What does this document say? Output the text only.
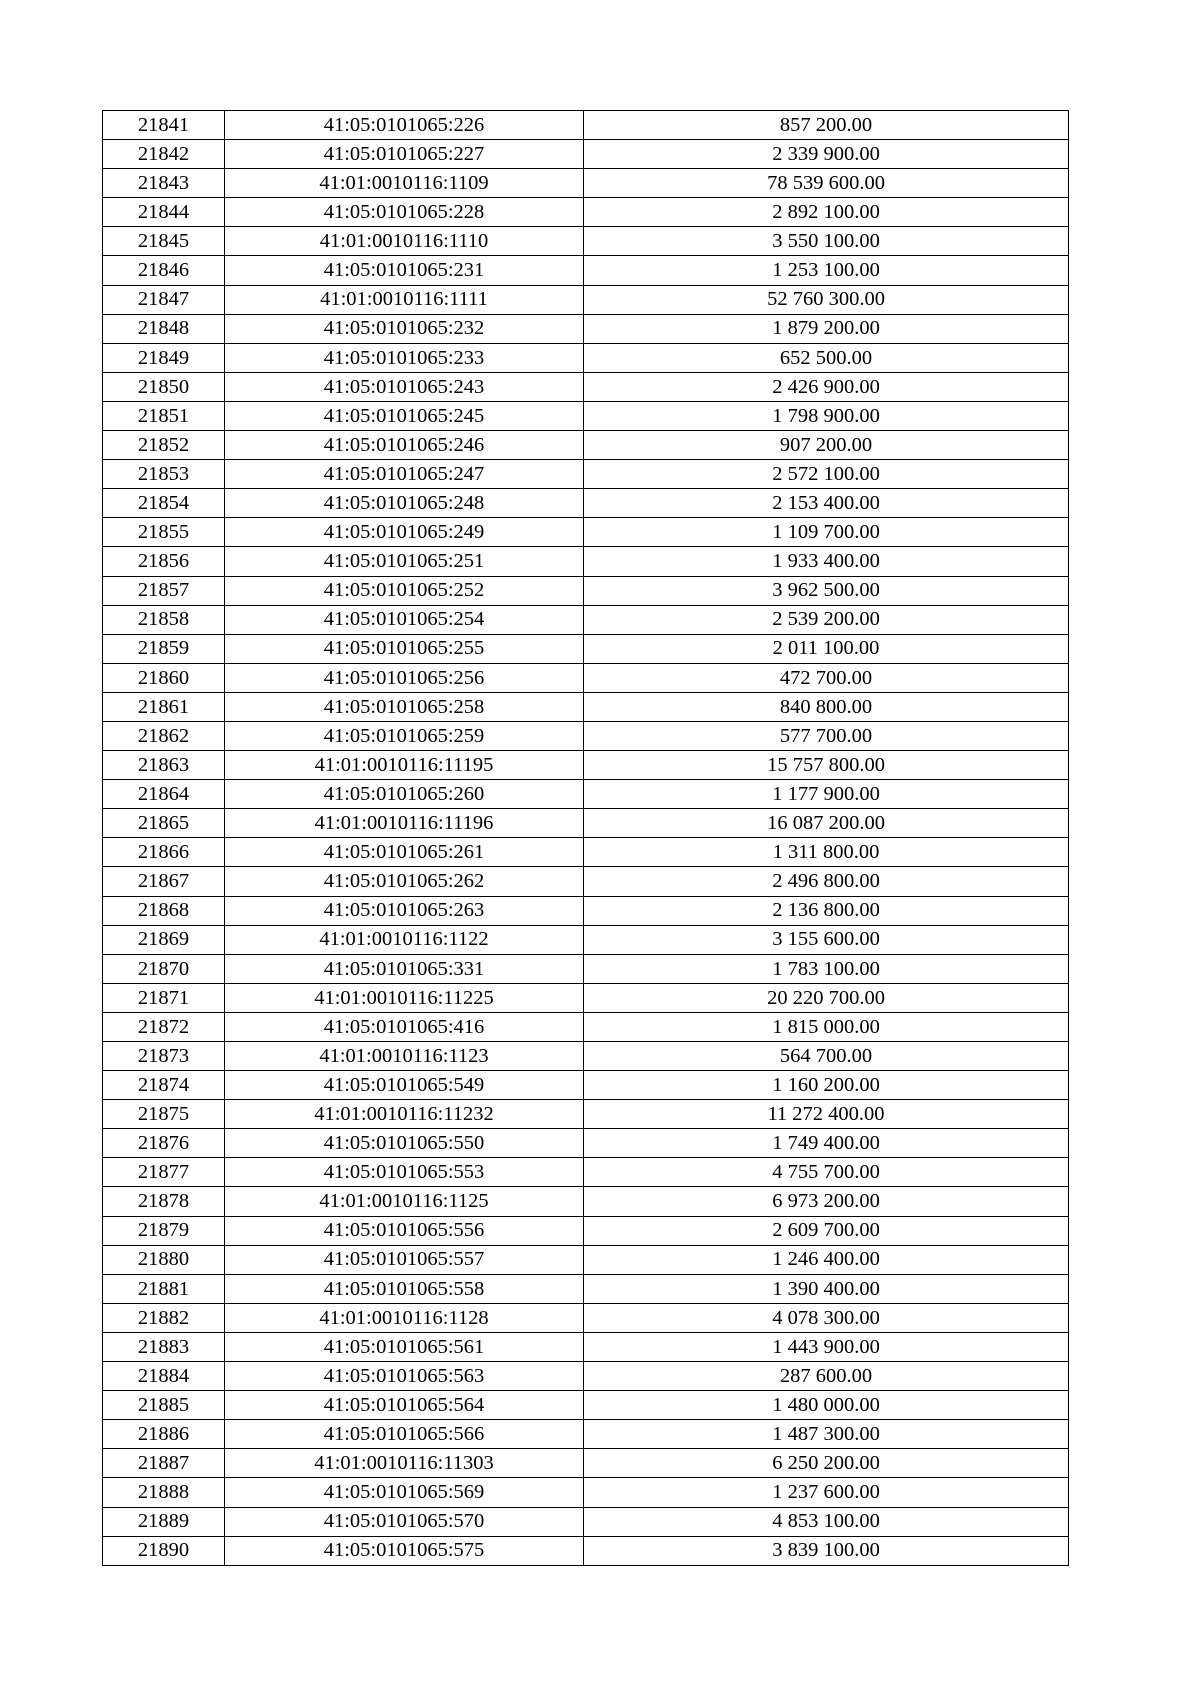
21841	41:05:0101065:226	857 200.00
21842	41:05:0101065:227	2 339 900.00
21843	41:01:0010116:1109	78 539 600.00
21844	41:05:0101065:228	2 892 100.00
21845	41:01:0010116:1110	3 550 100.00
21846	41:05:0101065:231	1 253 100.00
21847	41:01:0010116:1111	52 760 300.00
21848	41:05:0101065:232	1 879 200.00
21849	41:05:0101065:233	652 500.00
21850	41:05:0101065:243	2 426 900.00
21851	41:05:0101065:245	1 798 900.00
21852	41:05:0101065:246	907 200.00
21853	41:05:0101065:247	2 572 100.00
21854	41:05:0101065:248	2 153 400.00
21855	41:05:0101065:249	1 109 700.00
21856	41:05:0101065:251	1 933 400.00
21857	41:05:0101065:252	3 962 500.00
21858	41:05:0101065:254	2 539 200.00
21859	41:05:0101065:255	2 011 100.00
21860	41:05:0101065:256	472 700.00
21861	41:05:0101065:258	840 800.00
21862	41:05:0101065:259	577 700.00
21863	41:01:0010116:11195	15 757 800.00
21864	41:05:0101065:260	1 177 900.00
21865	41:01:0010116:11196	16 087 200.00
21866	41:05:0101065:261	1 311 800.00
21867	41:05:0101065:262	2 496 800.00
21868	41:05:0101065:263	2 136 800.00
21869	41:01:0010116:1122	3 155 600.00
21870	41:05:0101065:331	1 783 100.00
21871	41:01:0010116:11225	20 220 700.00
21872	41:05:0101065:416	1 815 000.00
21873	41:01:0010116:1123	564 700.00
21874	41:05:0101065:549	1 160 200.00
21875	41:01:0010116:11232	11 272 400.00
21876	41:05:0101065:550	1 749 400.00
21877	41:05:0101065:553	4 755 700.00
21878	41:01:0010116:1125	6 973 200.00
21879	41:05:0101065:556	2 609 700.00
21880	41:05:0101065:557	1 246 400.00
21881	41:05:0101065:558	1 390 400.00
21882	41:01:0010116:1128	4 078 300.00
21883	41:05:0101065:561	1 443 900.00
21884	41:05:0101065:563	287 600.00
21885	41:05:0101065:564	1 480 000.00
21886	41:05:0101065:566	1 487 300.00
21887	41:01:0010116:11303	6 250 200.00
21888	41:05:0101065:569	1 237 600.00
21889	41:05:0101065:570	4 853 100.00
21890	41:05:0101065:575	3 839 100.00
